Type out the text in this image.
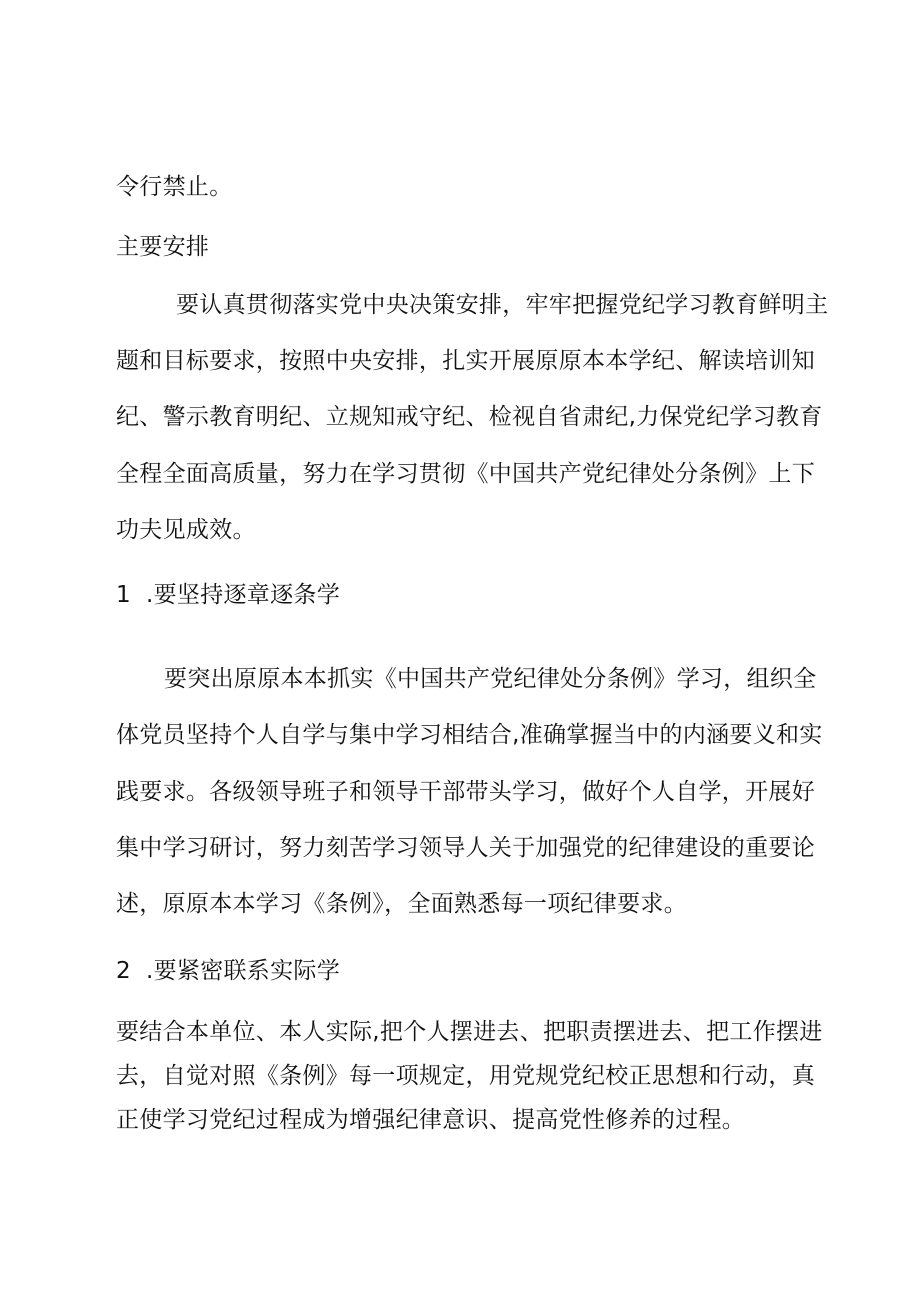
令行禁止。
主要安排
要认真贯彻落实党中央决策安排，牢牢把握党纪学习教育鲜明主
题和目标要求，按照中央安排，扎实开展原原本本学纪、解读培训知
纪、警示教育明纪、立规知戒守纪、检视自省肃纪,力保党纪学习教育
全程全面高质量，努力在学习贯彻《中国共产党纪律处分条例》上下
功夫见成效。
1 .要坚持逐章逐条学
要突出原原本本抓实《中国共产党纪律处分条例》学习，组织全
体党员坚持个人自学与集中学习相结合,准确掌握当中的内涵要义和实
践要求。各级领导班子和领导干部带头学习，做好个人自学，开展好
集中学习研讨，努力刻苦学习领导人关于加强党的纪律建设的重要论
述，原原本本学习《条例》，全面熟悉每一项纪律要求。
2 .要紧密联系实际学
要结合本单位、本人实际,把个人摆进去、把职责摆进去、把工作摆进
去，自觉对照《条例》每一项规定，用党规党纪校正思想和行动，真
正使学习党纪过程成为增强纪律意识、提高党性修养的过程。
